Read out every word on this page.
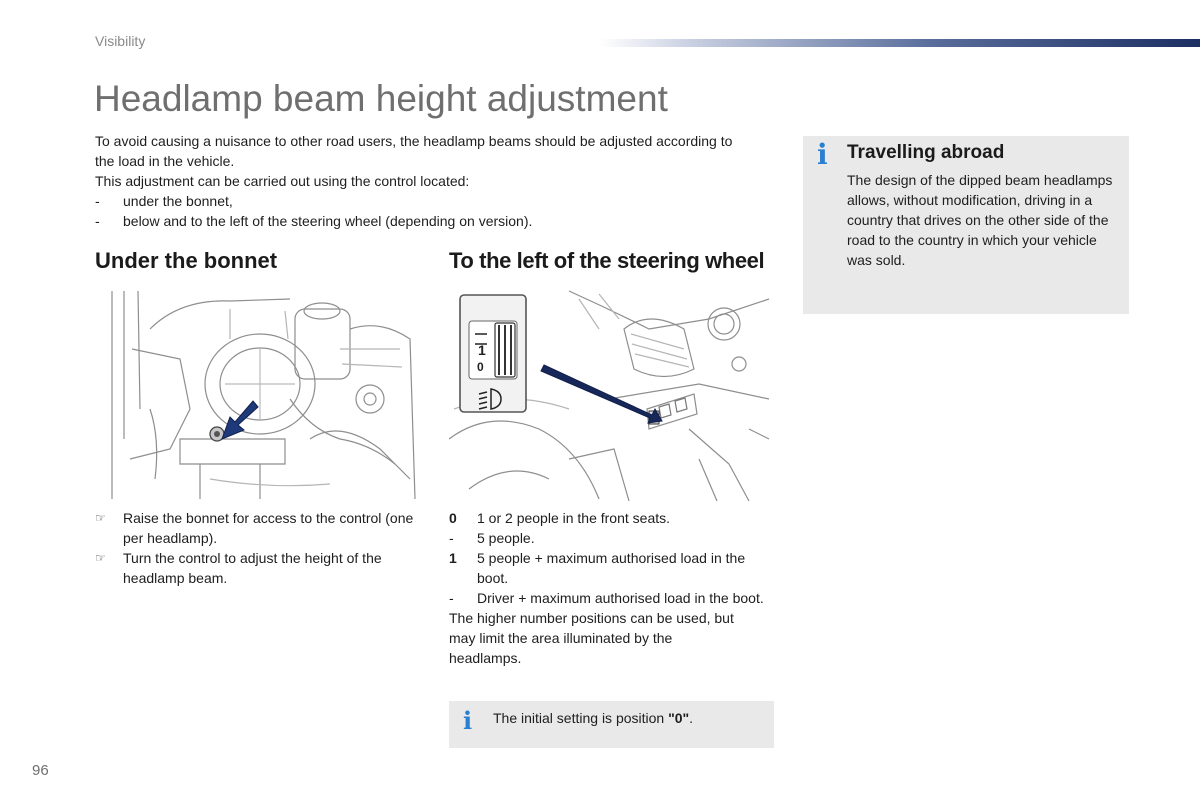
Visibility
Headlamp beam height adjustment

To avoid causing a nuisance to other road users, the headlamp beams should be adjusted according to the load in the vehicle.

This adjustment can be carried out using the control located:

- under the bonnet,
- below and to the left of the steering wheel (depending on version).
i Travelling abroad
The design of the dipped beam headlamps allows, without modification, driving in a country that drives on the other side of the road to the country in which your vehicle was sold.
Under the bonnet	To the left of the steering wheel
0
1
☞ Raise the bonnet for access to the control (one per headlamp).
☞ Turn the control to adjust the height of the headlamp beam.
0 1 or 2 people in the front seats.
- 5 people.
1 5 people + maximum authorised load in the boot.
- Driver + maximum authorised load in the boot.
The higher number positions can be used, but may limit the area illuminated by the headlamps.
i The initial setting is position "0".
96
